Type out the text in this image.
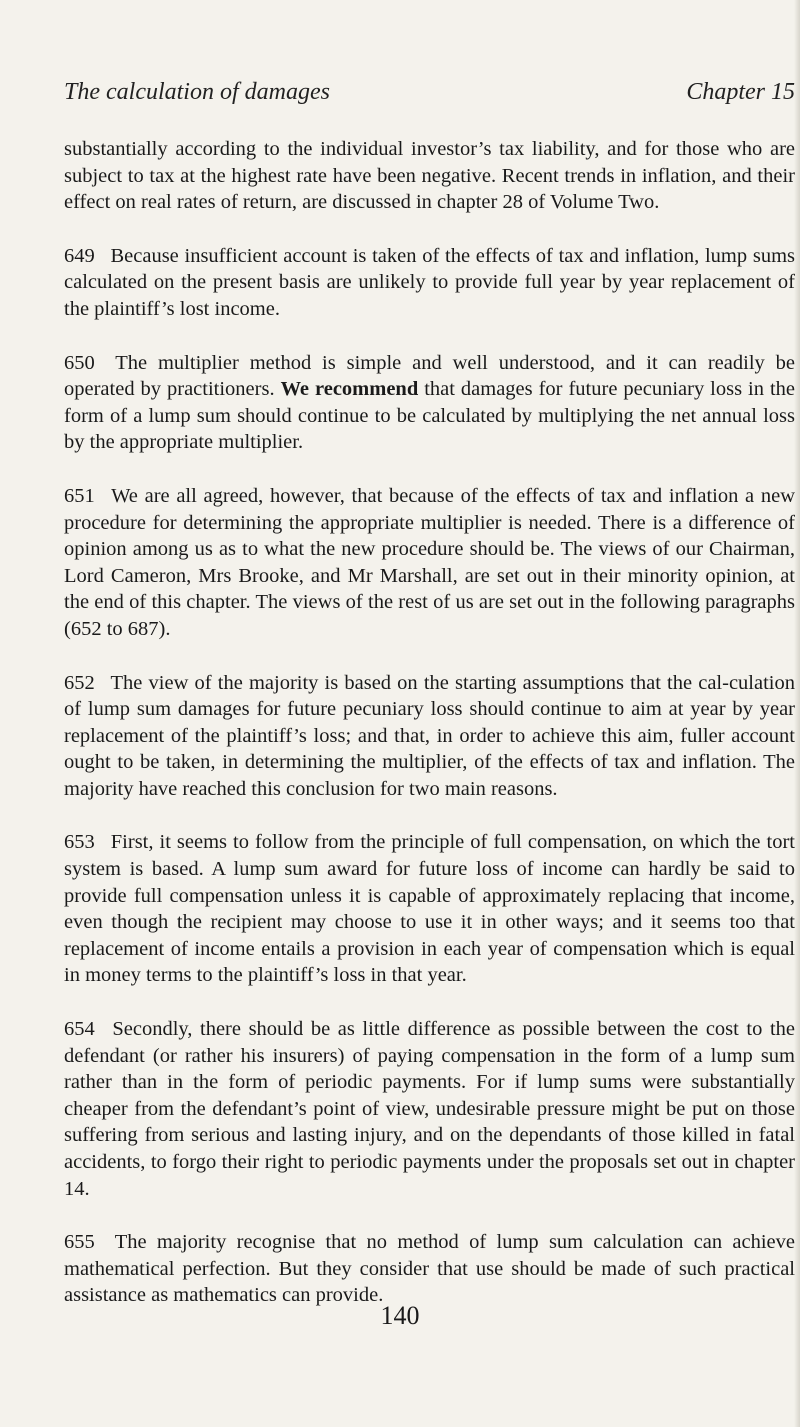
The calculation of damages	Chapter 15

substantially according to the individual investor’s tax liability, and for those who are subject to tax at the highest rate have been negative. Recent trends in inflation, and their effect on real rates of return, are discussed in chapter 28 of Volume Two.

649 Because insufficient account is taken of the effects of tax and inflation, lump sums calculated on the present basis are unlikely to provide full year by year replacement of the plaintiff’s lost income.

650 The multiplier method is simple and well understood, and it can readily be operated by practitioners. We recommend that damages for future pecuniary loss in the form of a lump sum should continue to be calculated by multiplying the net annual loss by the appropriate multiplier.

651 We are all agreed, however, that because of the effects of tax and inflation a new procedure for determining the appropriate multiplier is needed. There is a difference of opinion among us as to what the new procedure should be. The views of our Chairman, Lord Cameron, Mrs Brooke, and Mr Marshall, are set out in their minority opinion, at the end of this chapter. The views of the rest of us are set out in the following paragraphs (652 to 687).

652 The view of the majority is based on the starting assumptions that the cal-culation of lump sum damages for future pecuniary loss should continue to aim at year by year replacement of the plaintiff’s loss; and that, in order to achieve this aim, fuller account ought to be taken, in determining the multiplier, of the effects of tax and inflation. The majority have reached this conclusion for two main reasons.

653 First, it seems to follow from the principle of full compensation, on which the tort system is based. A lump sum award for future loss of income can hardly be said to provide full compensation unless it is capable of approximately replacing that income, even though the recipient may choose to use it in other ways; and it seems too that replacement of income entails a provision in each year of compensation which is equal in money terms to the plaintiff’s loss in that year.

654 Secondly, there should be as little difference as possible between the cost to the defendant (or rather his insurers) of paying compensation in the form of a lump sum rather than in the form of periodic payments. For if lump sums were substantially cheaper from the defendant’s point of view, undesirable pressure might be put on those suffering from serious and lasting injury, and on the dependants of those killed in fatal accidents, to forgo their right to periodic payments under the proposals set out in chapter 14.

655 The majority recognise that no method of lump sum calculation can achieve mathematical perfection. But they consider that use should be made of such practical assistance as mathematics can provide.

140
